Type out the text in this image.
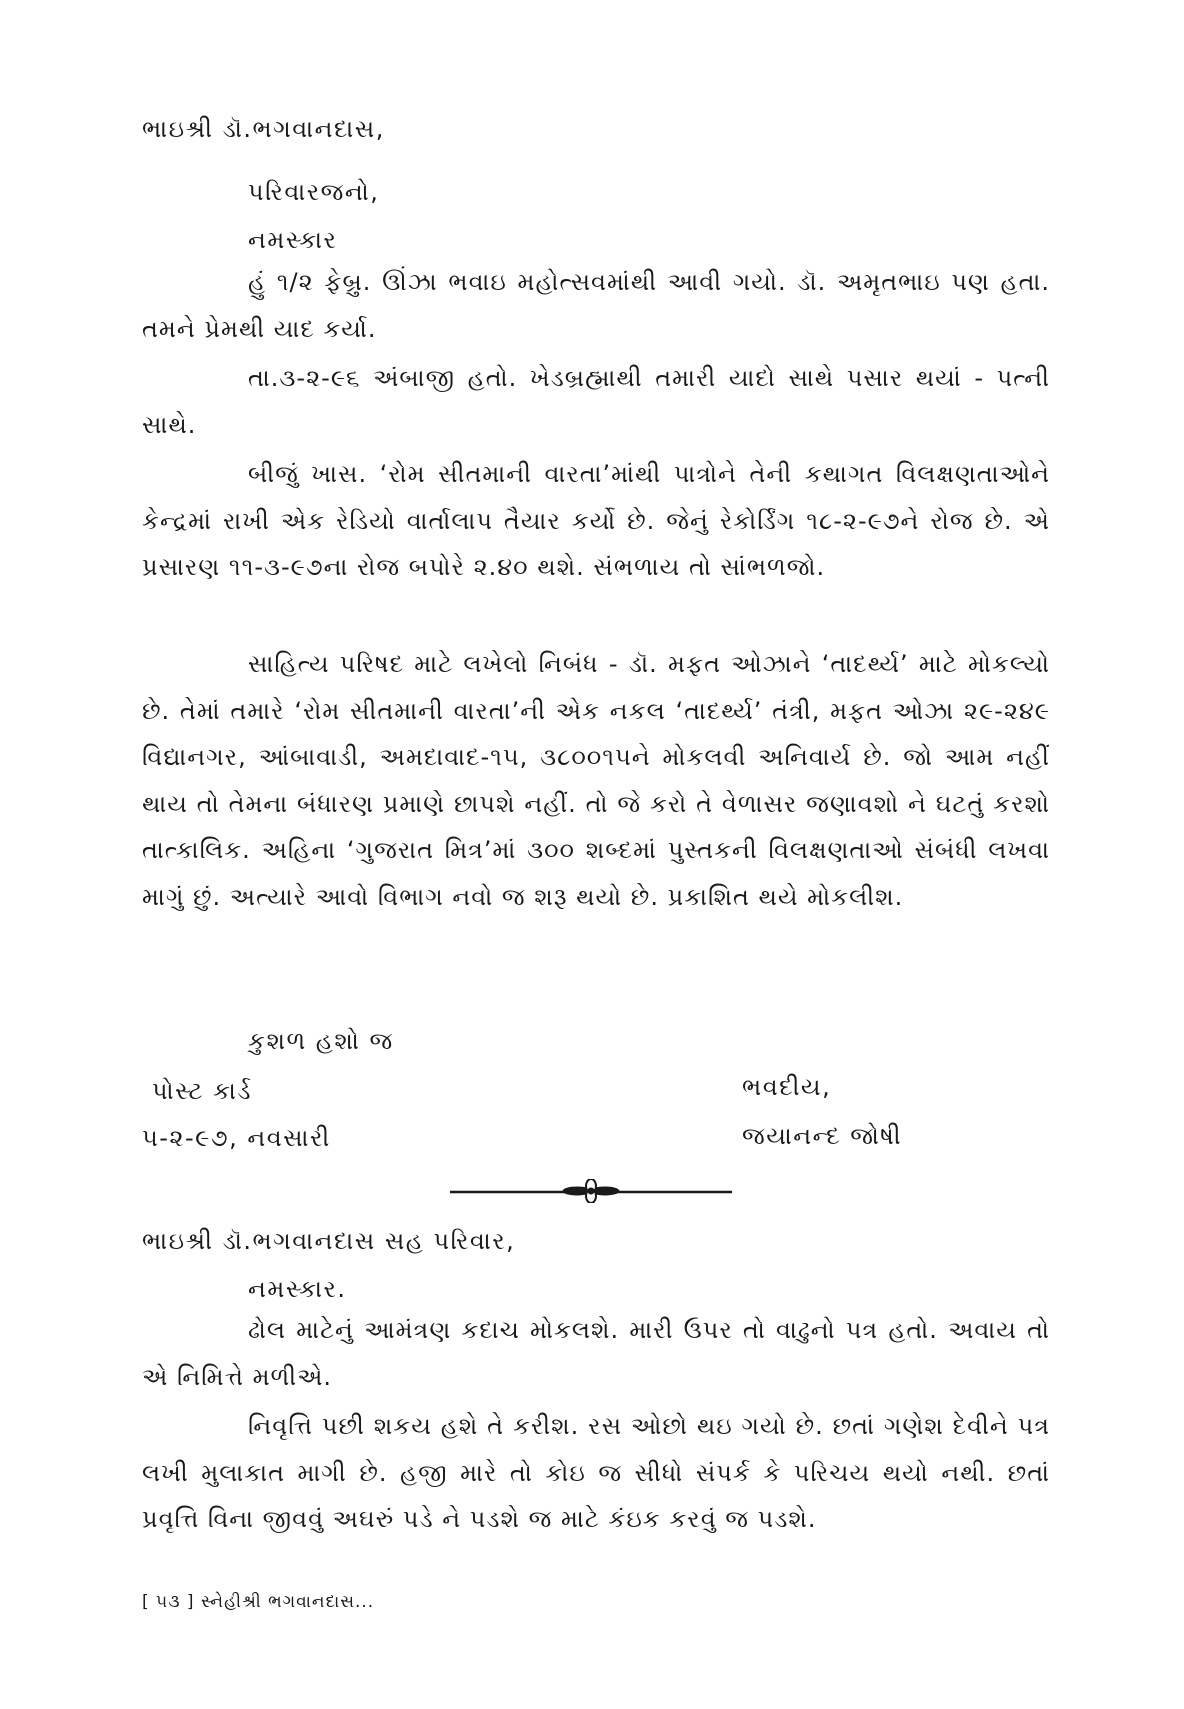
ભાઇશ્રી ડૉ.ભગવાનદાસ,
પરિવારજનો,
નમસ્કાર

હું ૧/૨ ફેબ્રુ. ઊંઝા ભવાઇ મહોત્સવમાંથી આવી ગયો. ડૉ. અમૃતભાઇ પણ હતા. તમને પ્રેમથી યાદ કર્યા.

તા.૩-૨-૯૬ અંબાજી હતો. ખેડબ્રહ્માથી તમારી યાદો સાથે પસાર થયાં - પત્ની સાથે.

બીજું ખાસ. ‘રોમ સીતમાની વારતા’માંથી પાત્રોને તેની કથાગત વિલક્ષણતાઓને કેન્દ્રમાં રાખી એક રેડિયો વાર્તાલાપ તૈયાર કર્યો છે. જેનું રેકોર્ડિંગ ૧૮-૨-૯૭ને રોજ છે. એ પ્રસારણ ૧૧-૩-૯૭ના રોજ બપોરે ૨.૪૦ થશે. સંભળાય તો સાંભળજો.

સાહિત્ય પરિષદ માટે લખેલો નિબંધ - ડૉ. મફત ઓઝાને ‘તાદર્થ્ય’ માટે મોકલ્યો છે. તેમાં તમારે ‘રોમ સીતમાની વારતા’ની એક નકલ ‘તાદર્થ્ય’ તંત્રી, મફત ઓઝા ૨૯-૨૪૯ વિદ્યાનગર, આંબાવાડી, અમદાવાદ-૧૫, ૩૮૦૦૧૫ને મોકલવી અનિવાર્ય છે. જો આમ નહીં થાય તો તેમના બંધારણ પ્રમાણે છાપશે નહીં. તો જે કરો તે વેળાસર જણાવશો ને ઘટતું કરશો તાત્કાલિક. અહિના ‘ગુજરાત મિત્ર’માં ૩૦૦ શબ્દમાં પુસ્તકની વિલક્ષણતાઓ સંબંધી લખવા માગું છું. અત્યારે આવો વિભાગ નવો જ શરૂ થયો છે. પ્રકાશિત થયે મોકલીશ.

કુશળ હશો જ
પોસ્ટ કાર્ડ
૫-૨-૯૭, નવસારી
ભવદીય,
જયાનન્દ જોષી
ભાઇશ્રી ડૉ.ભગવાનદાસ સહ પરિવાર,
નમસ્કાર.

ઢોલ માટેનું આમંત્રણ કદાચ મોકલશે. મારી ઉપર તો વાઢુનો પત્ર હતો. અવાય તો એ નિમિત્તે મળીએ.

નિવૃત્તિ પછી શકય હશે તે કરીશ. રસ ઓછો થઇ ગયો છે. છતાં ગણેશ દેવીને પત્ર લખી મુલાકાત માગી છે. હજી મારે તો કોઇ જ સીધો સંપર્ક કે પરિચય થયો નથી. છતાં પ્રવૃત્તિ વિના જીવવું અઘરું પડે ને પડશે જ માટે કંઇક કરવું જ પડશે.

[ ૫૩ ] સ્નેહીશ્રી ભગવાનદાસ...
